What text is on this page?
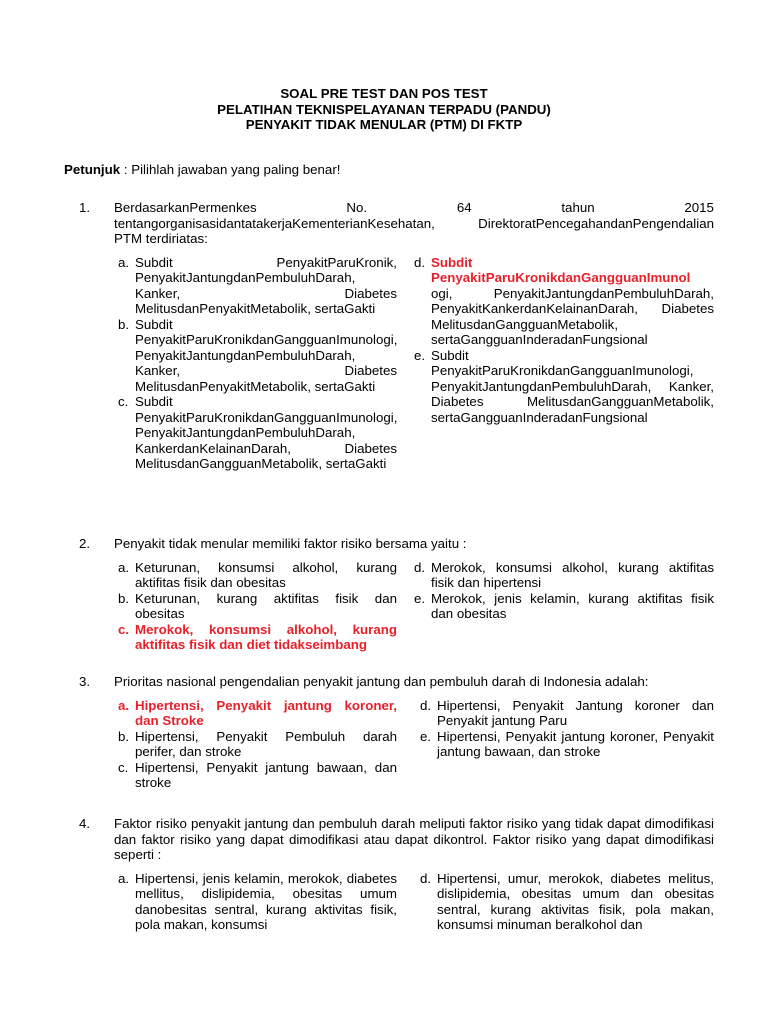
SOAL PRE TEST DAN POS TEST
PELATIHAN TEKNISPELAYANAN TERPADU (PANDU)
PENYAKIT TIDAK MENULAR (PTM) DI FKTP
Petunjuk : Pilihlah jawaban yang paling benar!
1. BerdasarkanPermenkes	No.	64	tahun	2015
tentangorganisasidantatakerjaKementerianKesehatan, DirektoratPencegahandanPengendalian
PTM terdiriatas:
a. Subdit PenyakitParuKronik, PenyakitJantungdanPembuluhDarah, Kanker, Diabetes MelitusdanPenyakitMetabolik, sertaGakti
b. Subdit PenyakitParuKronikdanGangguanImunologi, PenyakitJantungdanPembuluhDarah, Kanker, Diabetes MelitusdanPenyakitMetabolik, sertaGakti
c. Subdit PenyakitParuKronikdanGangguanImunologi, PenyakitJantungdanPembuluhDarah, KankerdanKelainanDarah, Diabetes MelitusdanGangguanMetabolik, sertaGakti
d. Subdit
PenyakitParuKronikdanGangguanImunol
ogi, PenyakitJantungdanPembuluhDarah, PenyakitKankerdanKelainanDarah, Diabetes MelitusdanGangguanMetabolik, sertaGangguanInderadanFungsional
e. Subdit PenyakitParuKronikdanGangguanImunologi, PenyakitJantungdanPembuluhDarah, Kanker, Diabetes MelitusdanGangguanMetabolik, sertaGangguanInderadanFungsional
2. Penyakit tidak menular memiliki faktor risiko bersama yaitu :
a. Keturunan, konsumsi alkohol, kurang aktifitas fisik dan obesitas
b. Keturunan, kurang aktifitas fisik dan obesitas
c. Merokok, konsumsi alkohol, kurang aktifitas fisik dan diet tidakseimbang
d. Merokok, konsumsi alkohol, kurang aktifitas fisik dan hipertensi
e. Merokok, jenis kelamin, kurang aktifitas fisik dan obesitas
3. Prioritas nasional pengendalian penyakit jantung dan pembuluh darah di Indonesia adalah:
a. Hipertensi, Penyakit jantung koroner, dan Stroke
b. Hipertensi, Penyakit Pembuluh darah perifer, dan stroke
c. Hipertensi, Penyakit jantung bawaan, dan stroke
d. Hipertensi, Penyakit Jantung koroner dan Penyakit jantung Paru
e. Hipertensi, Penyakit jantung koroner, Penyakit jantung bawaan, dan stroke
4. Faktor risiko penyakit jantung dan pembuluh darah meliputi faktor risiko yang tidak dapat dimodifikasi dan faktor risiko yang dapat dimodifikasi atau dapat dikontrol. Faktor risiko yang dapat dimodifikasi seperti :
a. Hipertensi, jenis kelamin, merokok, diabetes mellitus, dislipidemia, obesitas umum danobesitas sentral, kurang aktivitas fisik, pola makan, konsumsi
d. Hipertensi, umur, merokok, diabetes melitus, dislipidemia, obesitas umum dan obesitas sentral, kurang aktivitas fisik, pola makan, konsumsi minuman beralkohol dan
